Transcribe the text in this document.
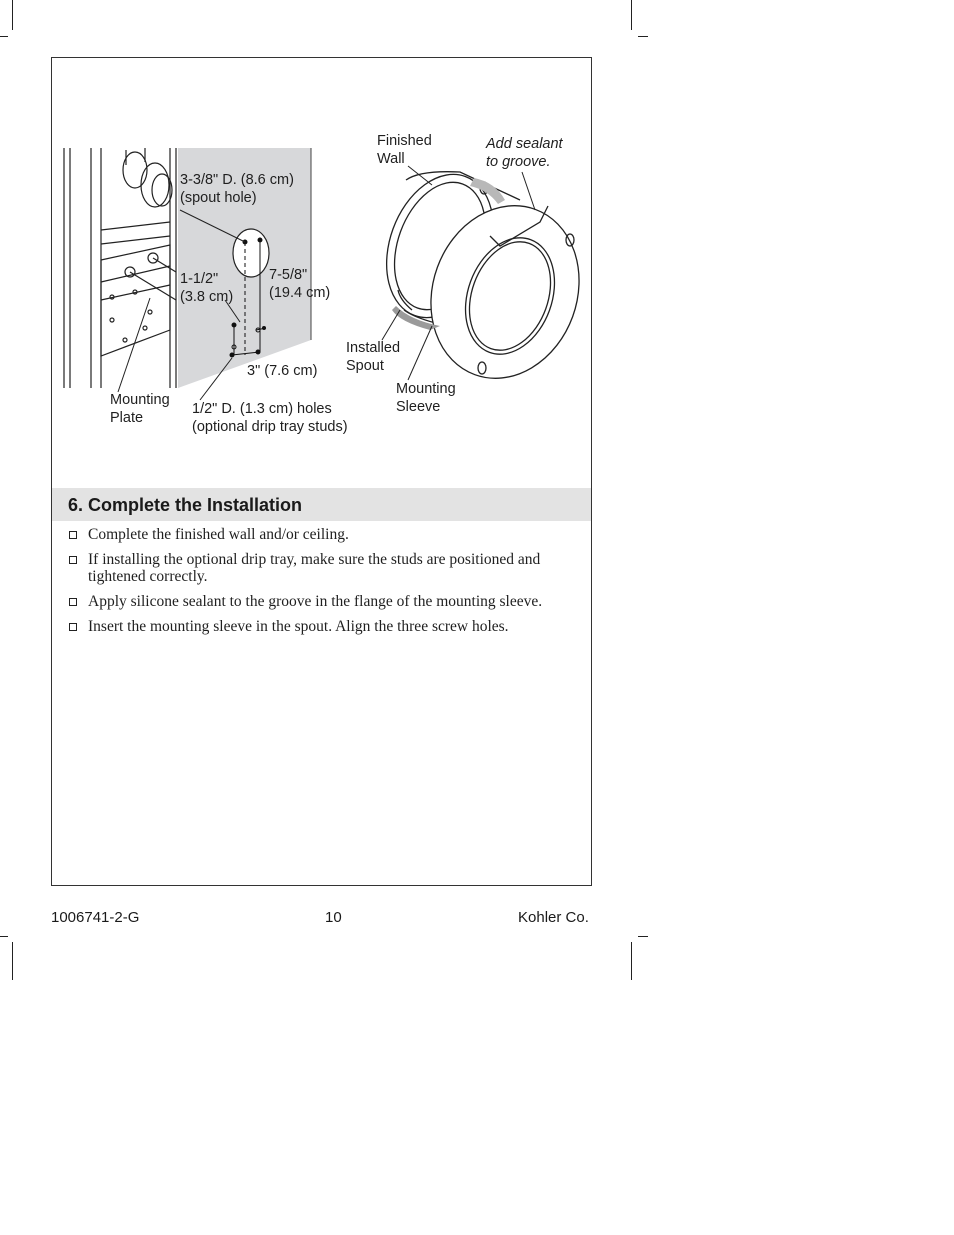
3-3/8" D. (8.6 cm)
(spout hole)
1-1/2"
(3.8 cm)
7-5/8"
(19.4 cm)
3" (7.6 cm)
Mounting
Plate
1/2" D. (1.3 cm) holes
(optional drip tray studs)
Finished
Wall
Add sealant
to groove.
Installed
Spout
Mounting
Sleeve
6. Complete the Installation
Complete the finished wall and/or ceiling.
If installing the optional drip tray, make sure the studs are positioned and tightened correctly.
Apply silicone sealant to the groove in the flange of the mounting sleeve.
Insert the mounting sleeve in the spout. Align the three screw holes.
1006741-2-G	10	Kohler Co.
